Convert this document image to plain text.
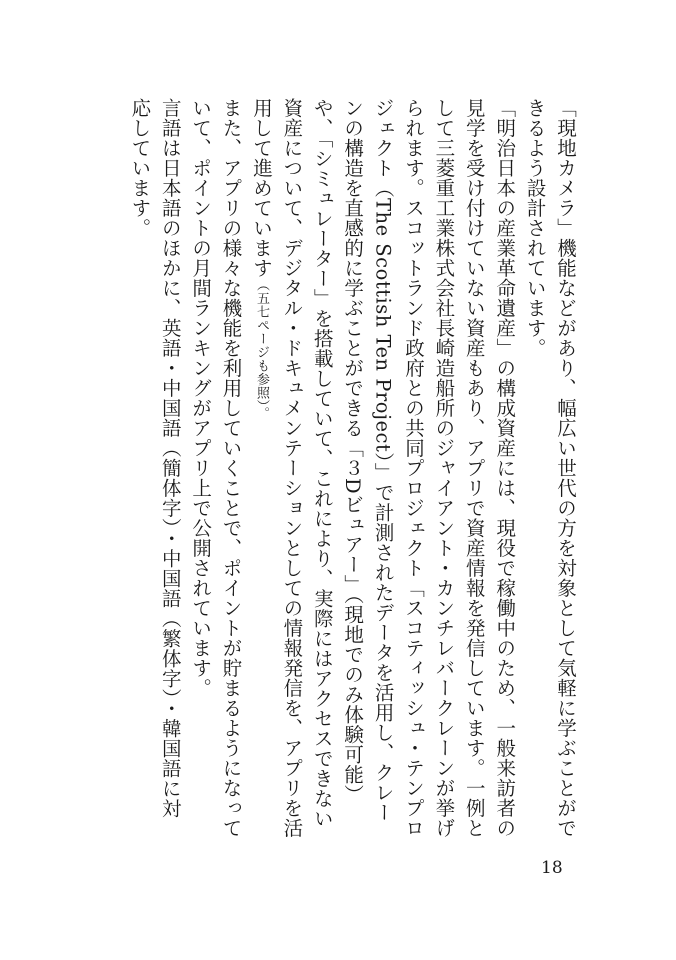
「現地カメラ」機能などがあり、幅広い世代の方を対象として気軽に学ぶことができるよう設計されています。

「明治日本の産業革命遺産」の構成資産には、現役で稼働中のため、一般来訪者の見学を受け付けていない資産もあり、アプリで資産情報を発信しています。一例として三菱重工業株式会社長崎造船所のジャイアント・カンチレバークレーンが挙げられます。スコットランド政府との共同プロジェクト「スコティッシュ・テンプロジェクト（The Scottish Ten Project）」で計測されたデータを活用し、クレーンの構造を直感的に学ぶことができる「３Dビュアー」（現地でのみ体験可能）や、「シミュレーター」を搭載していて、これにより、実際にはアクセスできない資産について、デジタル・ドキュメンテーションとしての情報発信を、アプリを活用して進めています（五七ページも参照）。

また、アプリの様々な機能を利用していくことで、ポイントが貯まるようになっていて、ポイントの月間ランキングがアプリ上で公開されています。

言語は日本語のほかに、英語・中国語（簡体字）・中国語（繁体字）・韓国語に対応しています。

18
